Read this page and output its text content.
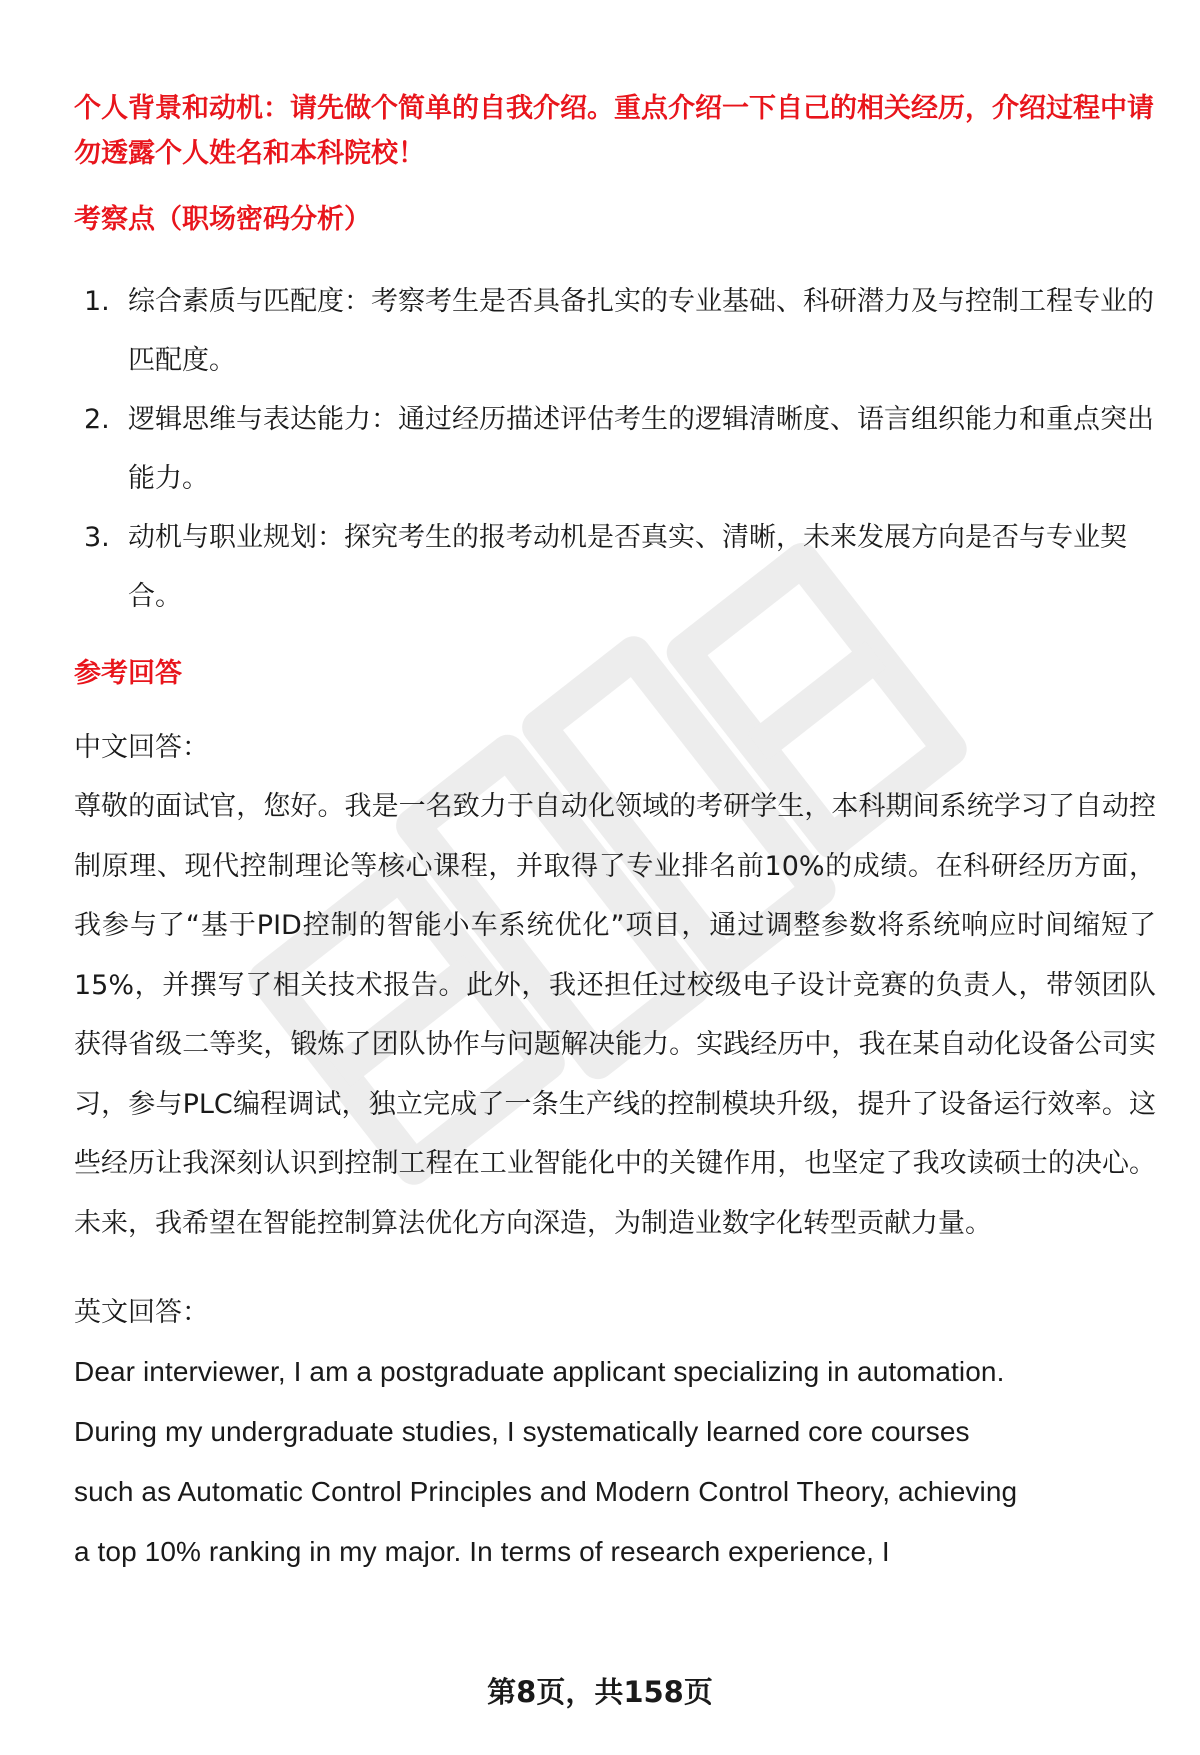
个人背景和动机：请先做个简单的自我介绍。重点介绍一下自己的相关经历，介绍过程中请勿透露个人姓名和本科院校！

考察点（职场密码分析）

1. 综合素质与匹配度：考察考生是否具备扎实的专业基础、科研潜力及与控制工程专业的匹配度。
2. 逻辑思维与表达能力：通过经历描述评估考生的逻辑清晰度、语言组织能力和重点突出能力。
3. 动机与职业规划：探究考生的报考动机是否真实、清晰，未来发展方向是否与专业契合。

参考回答

中文回答：

尊敬的面试官，您好。我是一名致力于自动化领域的考研学生，本科期间系统学习了自动控制原理、现代控制理论等核心课程，并取得了专业排名前10%的成绩。在科研经历方面，我参与了“基于PID控制的智能小车系统优化”项目，通过调整参数将系统响应时间缩短了15%，并撰写了相关技术报告。此外，我还担任过校级电子设计竞赛的负责人，带领团队获得省级二等奖，锻炼了团队协作与问题解决能力。实践经历中，我在某自动化设备公司实习，参与PLC编程调试，独立完成了一条生产线的控制模块升级，提升了设备运行效率。这些经历让我深刻认识到控制工程在工业智能化中的关键作用，也坚定了我攻读硕士的决心。未来，我希望在智能控制算法优化方向深造，为制造业数字化转型贡献力量。

英文回答：

Dear interviewer, I am a postgraduate applicant specializing in automation.
During my undergraduate studies, I systematically learned core courses
such as Automatic Control Principles and Modern Control Theory, achieving
a top 10% ranking in my major. In terms of research experience, I
第8页，共158页
